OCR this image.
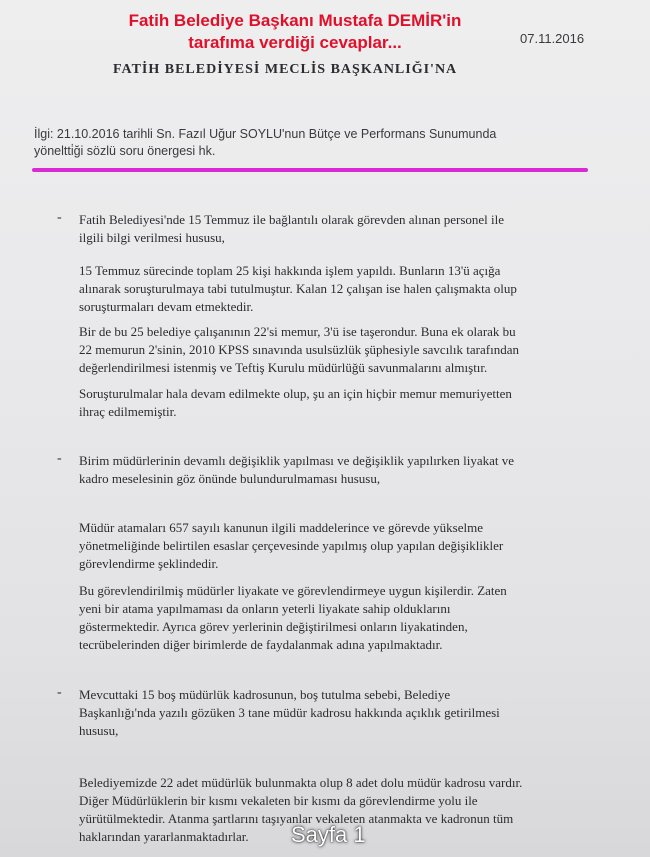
Fatih Belediye Başkanı Mustafa DEMİR'in
tarafıma verdiği cevaplar...	07.11.2016
FATİH BELEDİYESİ MECLİS BAŞKANLIĞI'NA
İlgi: 21.10.2016 tarihli Sn. Fazıl Uğur SOYLU'nun Bütçe ve Performans Sunumunda
yöneltti̇ği sözlü soru önergesi hk.
- Fatih Belediyesi'nde 15 Temmuz ile bağlantılı olarak görevden alınan personel ile
ilgili bilgi verilmesi hususu,
15 Temmuz sürecinde toplam 25 kişi hakkında işlem yapıldı. Bunların 13'ü açığa
alınarak soruşturulmaya tabi tutulmuştur. Kalan 12 çalışan ise halen çalışmakta olup
soruşturmaları devam etmektedir.
Bir de bu 25 belediye çalışanının 22'si memur, 3'ü ise taşerondur. Buna ek olarak bu
22 memurun 2'sinin, 2010 KPSS sınavında usulsüzlük şüphesiyle savcılık tarafından
değerlendirilmesi istenmiş ve Teftiş Kurulu müdürlüğü savunmalarını almıştır.
Soruşturulmalar hala devam edilmekte olup, şu an için hiçbir memur memuriyetten
ihraç edilmemiştir.
- Birim müdürlerinin devamlı değişiklik yapılması ve değişiklik yapılırken liyakat ve
kadro meselesinin göz önünde bulundurulmaması hususu,
Müdür atamaları 657 sayılı kanunun ilgili maddelerince ve görevde yükselme
yönetmeliğinde belirtilen esaslar çerçevesinde yapılmış olup yapılan değişiklikler
görevlendirme şeklindedir.
Bu görevlendirilmiş müdürler liyakate ve görevlendirmeye uygun kişilerdir. Zaten
yeni bir atama yapılmaması da onların yeterli liyakate sahip olduklarını
göstermektedir. Ayrıca görev yerlerinin değiştirilmesi onların liyakatinden,
tecrübelerinden diğer birimlerde de faydalanmak adına yapılmaktadır.
- Mevcuttaki 15 boş müdürlük kadrosunun, boş tutulma sebebi, Belediye
Başkanlığı'nda yazılı gözüken 3 tane müdür kadrosu hakkında açıklık getirilmesi
hususu,
Belediyemizde 22 adet müdürlük bulunmakta olup 8 adet dolu müdür kadrosu vardır.
Diğer Müdürlüklerin bir kısmı vekaleten bir kısmı da görevlendirme yolu ile
yürütülmektedir. Atanma şartlarını taşıyanlar vekaleten atanmakta ve kadronun tüm
haklarından yararlanmaktadırlar.	Sayfa 1
